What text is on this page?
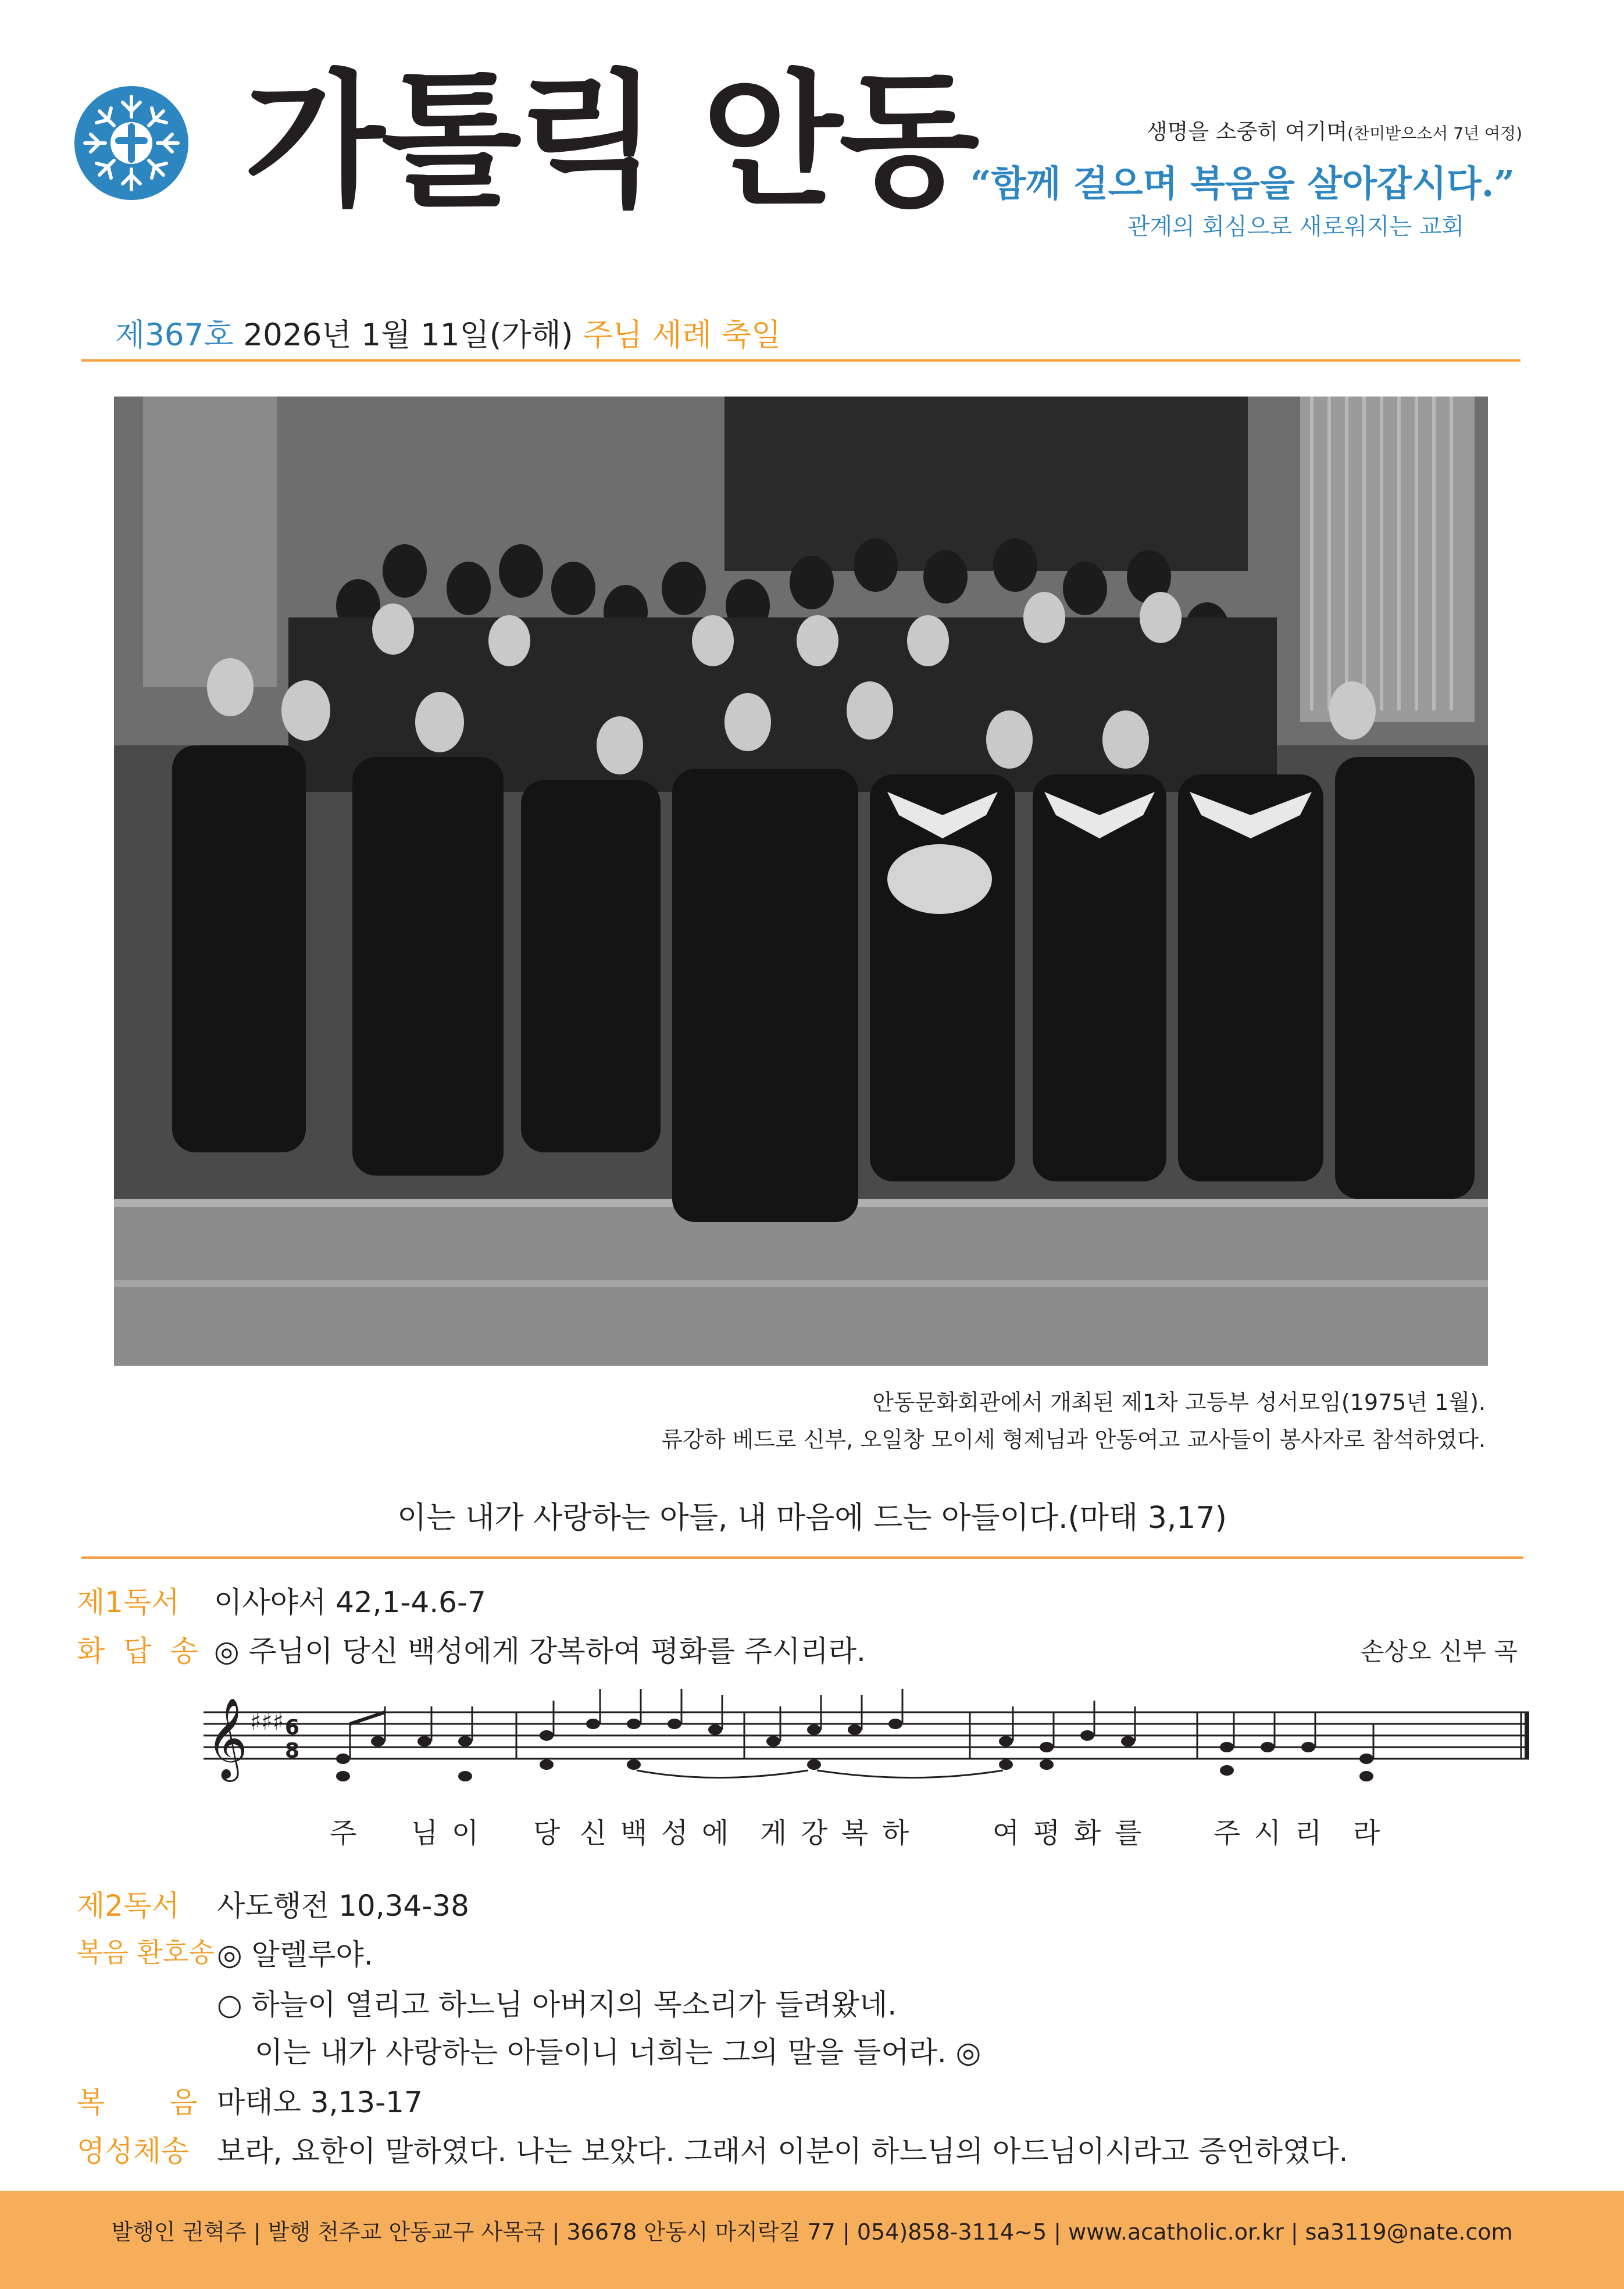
가톨릭 안동	생명을 소중히 여기며(찬미받으소서 7년 여정)
“함께 걸으며 복음을 살아갑시다.”
관계의 회심으로 새로워지는 교회
제367호 2026년 1월 11일(가해) 주님 세례 축일
안동문화회관에서 개최된 제1차 고등부 성서모임(1975년 1월).
류강하 베드로 신부, 오일창 모이세 형제님과 안동여고 교사들이 봉사자로 참석하였다.
이는 내가 사랑하는 아들, 내 마음에 드는 아들이다.(마태 3,17)
제1독서 이사야서 42,1-4.6-7
화 답 송 ◎ 주님이 당신 백성에게 강복하여 평화를 주시리라.	손상오 신부 곡
𝄞 ♯♯♯ 6
8
주 님 이 당 신 백 성 에 게 강 복 하	여 평 화 를	주 시 리 라
제2독서 사도행전 10,34-38
복음 환호송 ◎ 알렐루야.
○ 하늘이 열리고 하느님 아버지의 목소리가 들려왔네.
이는 내가 사랑하는 아들이니 너희는 그의 말을 들어라. ◎
복       음 마태오 3,13-17
영성체송 보라, 요한이 말하였다. 나는 보았다. 그래서 이분이 하느님의 아드님이시라고 증언하였다.
발행인 권혁주 | 발행 천주교 안동교구 사목국 | 36678 안동시 마지락길 77 | 054)858-3114~5 | www.acatholic.or.kr | sa3119@nate.com
